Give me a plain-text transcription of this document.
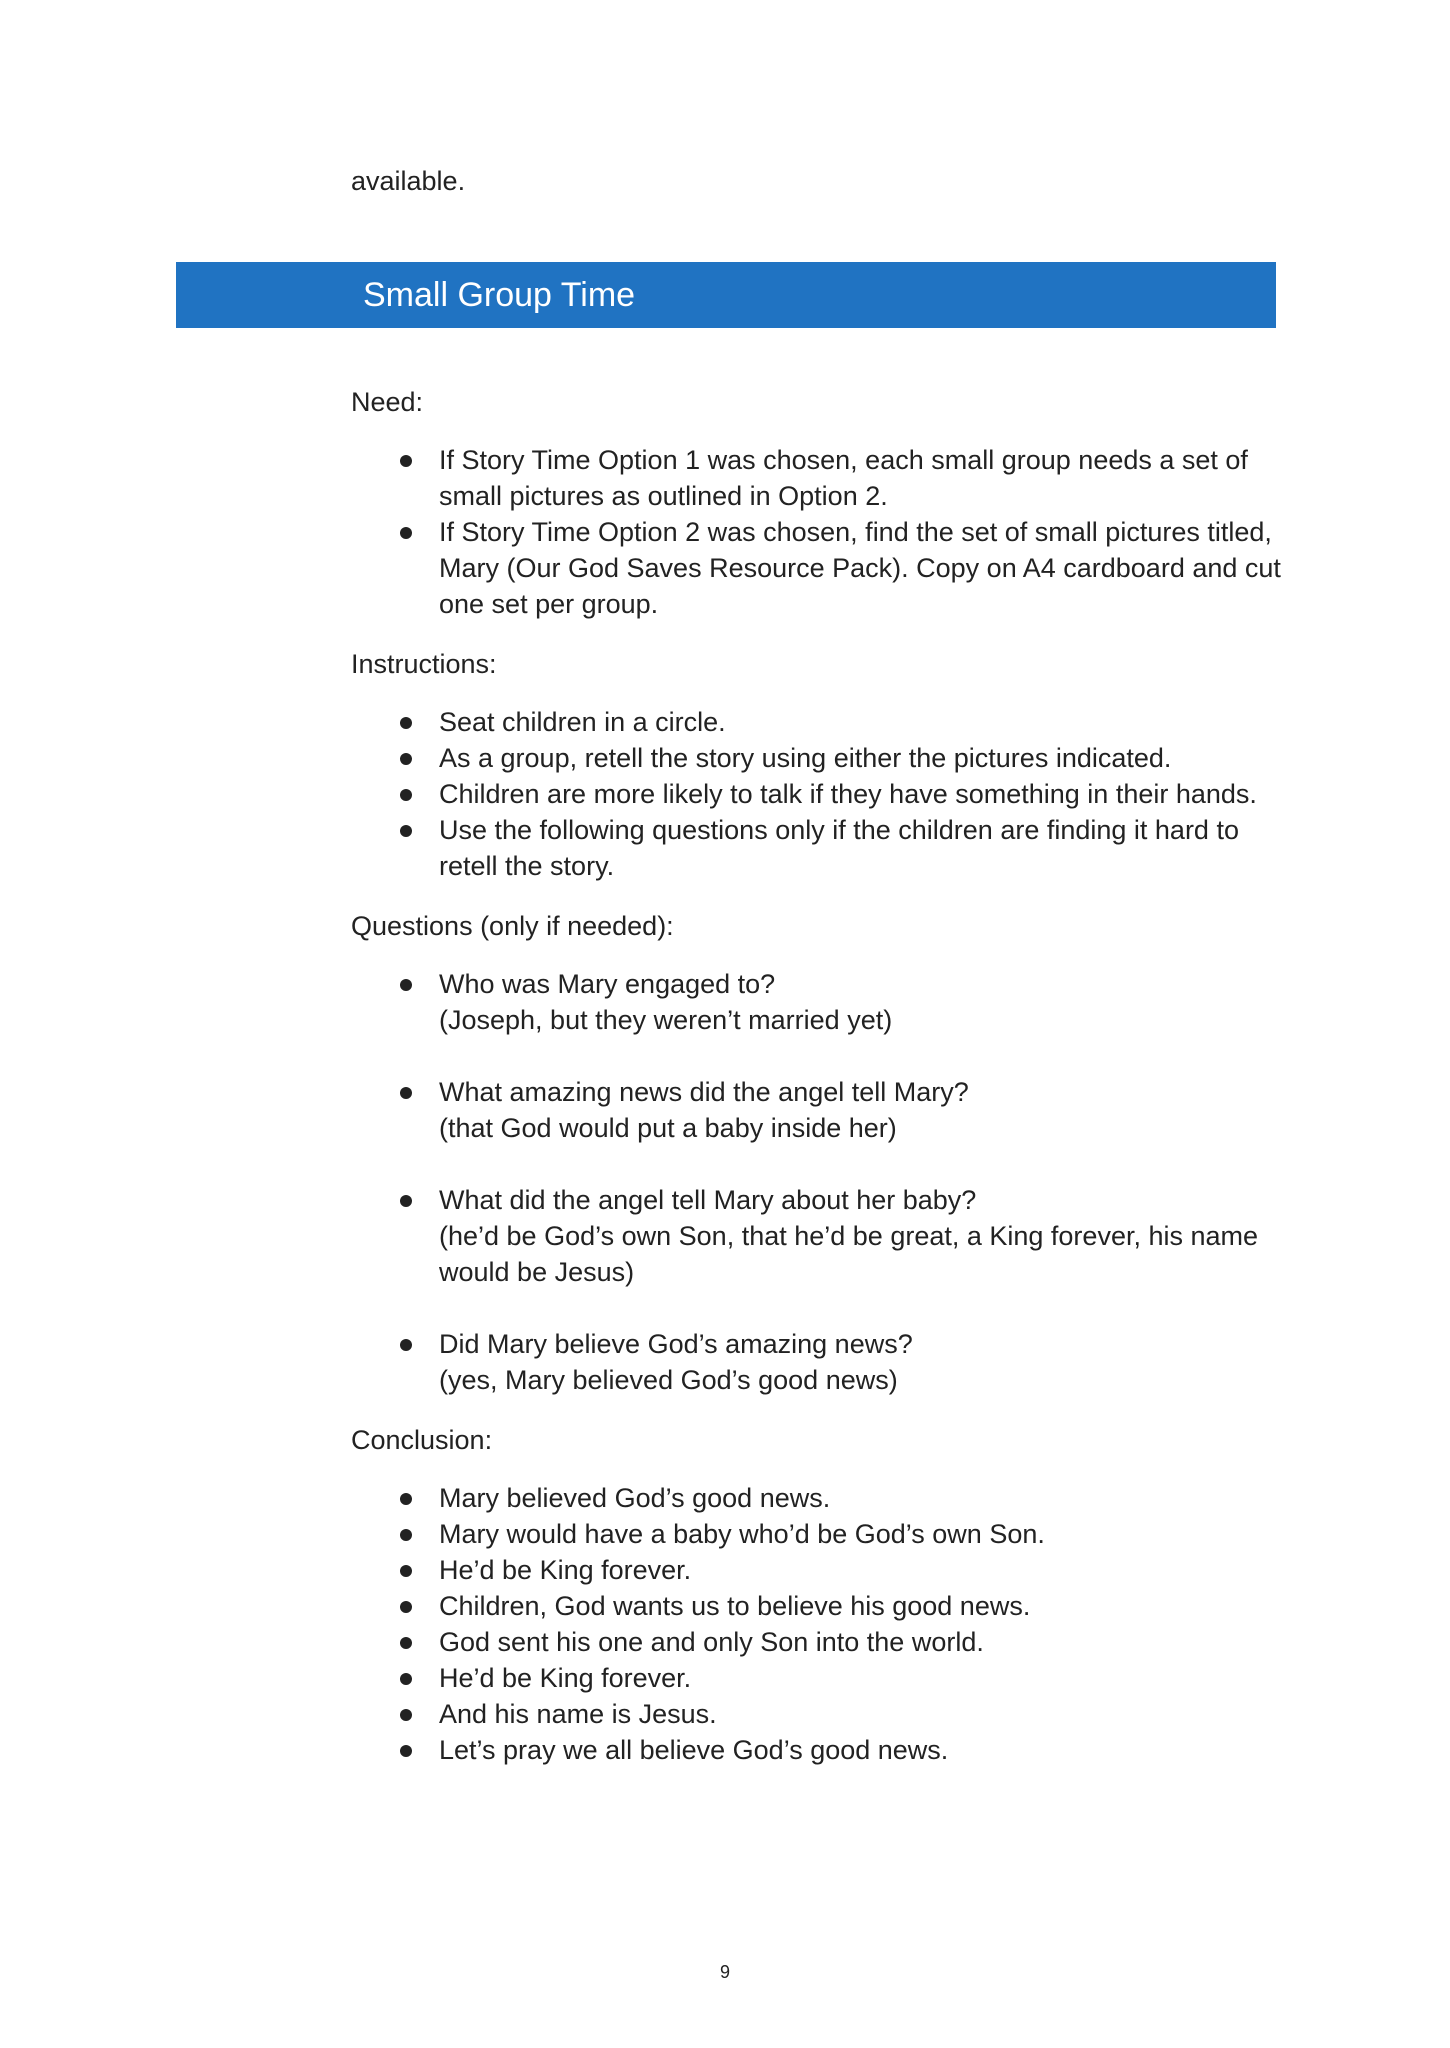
available.

Small Group Time

Need:

If Story Time Option 1 was chosen, each small group needs a set of small pictures as outlined in Option 2.
If Story Time Option 2 was chosen, find the set of small pictures titled, Mary (Our God Saves Resource Pack). Copy on A4 cardboard and cut one set per group.

Instructions:

Seat children in a circle.
As a group, retell the story using either the pictures indicated.
Children are more likely to talk if they have something in their hands.
Use the following questions only if the children are finding it hard to retell the story.

Questions (only if needed):

Who was Mary engaged to?
(Joseph, but they weren’t married yet)
What amazing news did the angel tell Mary?
(that God would put a baby inside her)
What did the angel tell Mary about her baby?
(he’d be God’s own Son, that he’d be great, a King forever, his name would be Jesus)
Did Mary believe God’s amazing news?
(yes, Mary believed God’s good news)

Conclusion:

Mary believed God’s good news.
Mary would have a baby who’d be God’s own Son.
He’d be King forever.
Children, God wants us to believe his good news.
God sent his one and only Son into the world.
He’d be King forever.
And his name is Jesus.
Let’s pray we all believe God’s good news.
9
